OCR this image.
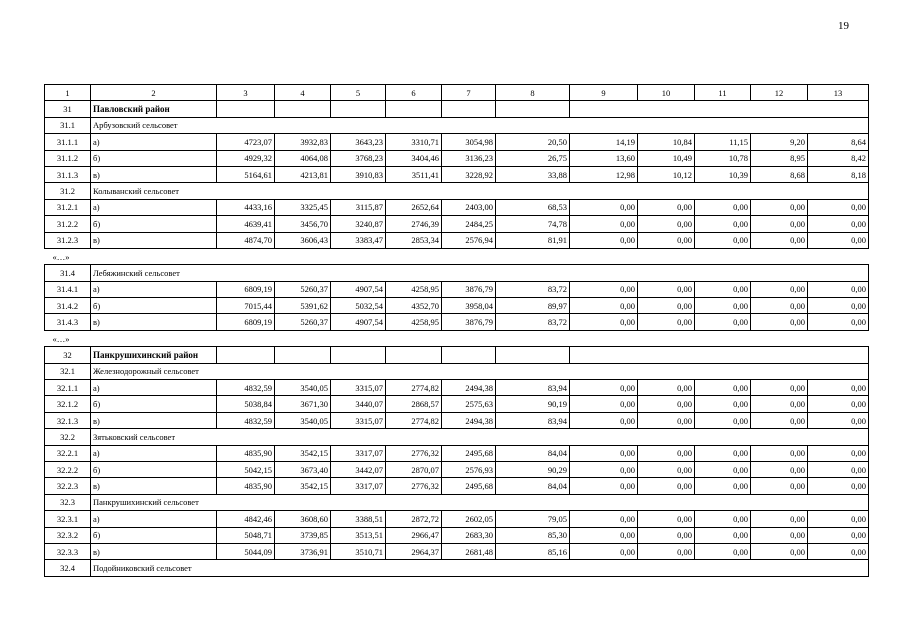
19
1	2	3	4	5	6	7	8	9	10	11	12	13
31	Павловский район											
31.1	Арбузовский сельсовет											
31.1.1	а)	4723,07	3932,83	3643,23	3310,71	3054,98	20,50	14,19	10,84	11,15	9,20	8,64
31.1.2	б)	4929,32	4064,08	3768,23	3404,46	3136,23	26,75	13,60	10,49	10,78	8,95	8,42
31.1.3	в)	5164,61	4213,81	3910,83	3511,41	3228,92	33,88	12,98	10,12	10,39	8,68	8,18
31.2	Колыванский сельсовет											
31.2.1	а)	4433,16	3325,45	3115,87	2652,64	2403,00	68,53	0,00	0,00	0,00	0,00	0,00
31.2.2	б)	4639,41	3456,70	3240,87	2746,39	2484,25	74,78	0,00	0,00	0,00	0,00	0,00
31.2.3	в)	4874,70	3606,43	3383,47	2853,34	2576,94	81,91	0,00	0,00	0,00	0,00	0,00
«…»												
31.4	Лебяжинский сельсовет											
31.4.1	а)	6809,19	5260,37	4907,54	4258,95	3876,79	83,72	0,00	0,00	0,00	0,00	0,00
31.4.2	б)	7015,44	5391,62	5032,54	4352,70	3958,04	89,97	0,00	0,00	0,00	0,00	0,00
31.4.3	в)	6809,19	5260,37	4907,54	4258,95	3876,79	83,72	0,00	0,00	0,00	0,00	0,00
«…»												
32	Панкрушихинский район											
32.1	Железнодорожный сельсовет											
32.1.1	а)	4832,59	3540,05	3315,07	2774,82	2494,38	83,94	0,00	0,00	0,00	0,00	0,00
32.1.2	б)	5038,84	3671,30	3440,07	2868,57	2575,63	90,19	0,00	0,00	0,00	0,00	0,00
32.1.3	в)	4832,59	3540,05	3315,07	2774,82	2494,38	83,94	0,00	0,00	0,00	0,00	0,00
32.2	Зятьковский сельсовет											
32.2.1	а)	4835,90	3542,15	3317,07	2776,32	2495,68	84,04	0,00	0,00	0,00	0,00	0,00
32.2.2	б)	5042,15	3673,40	3442,07	2870,07	2576,93	90,29	0,00	0,00	0,00	0,00	0,00
32.2.3	в)	4835,90	3542,15	3317,07	2776,32	2495,68	84,04	0,00	0,00	0,00	0,00	0,00
32.3	Панкрушихинский сельсовет											
32.3.1	а)	4842,46	3608,60	3388,51	2872,72	2602,05	79,05	0,00	0,00	0,00	0,00	0,00
32.3.2	б)	5048,71	3739,85	3513,51	2966,47	2683,30	85,30	0,00	0,00	0,00	0,00	0,00
32.3.3	в)	5044,09	3736,91	3510,71	2964,37	2681,48	85,16	0,00	0,00	0,00	0,00	0,00
32.4	Подойниковский сельсовет											
